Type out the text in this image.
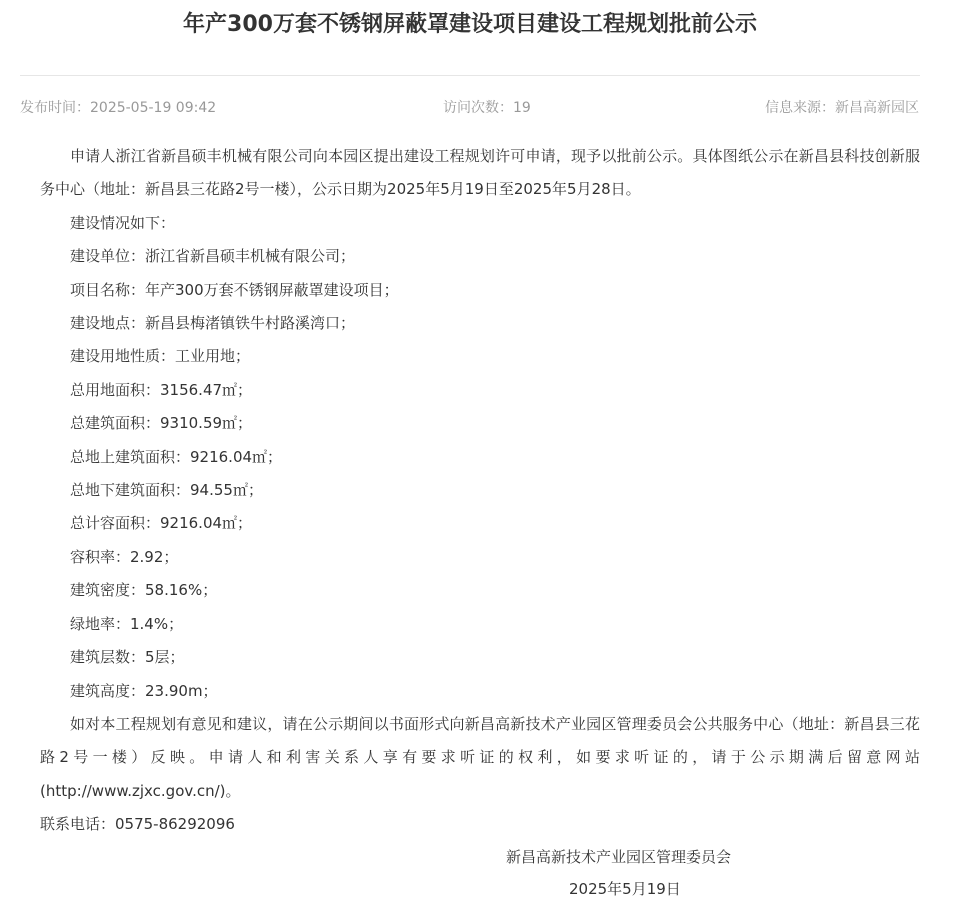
年产300万套不锈钢屏蔽罩建设项目建设工程规划批前公示
发布时间：2025-05-19 09:42	访问次数：19	信息来源：新昌高新园区

申请人浙江省新昌硕丰机械有限公司向本园区提出建设工程规划许可申请，现予以批前公示。具体图纸公示在新昌县科技创新服务中心（地址：新昌县三花路2号一楼），公示日期为2025年5月19日至2025年5月28日。

建设情况如下：

建设单位：浙江省新昌硕丰机械有限公司；

项目名称：年产300万套不锈钢屏蔽罩建设项目；

建设地点：新昌县梅渚镇铁牛村路溪湾口；

建设用地性质：工业用地；

总用地面积：3156.47㎡；

总建筑面积：9310.59㎡；

总地上建筑面积：9216.04㎡；

总地下建筑面积：94.55㎡；

总计容面积：9216.04㎡；

容积率：2.92；

建筑密度：58.16%；

绿地率：1.4%；

建筑层数：5层；

建筑高度：23.90m；

如对本工程规划有意见和建议，请在公示期间以书面形式向新昌高新技术产业园区管理委员会公共服务中心（地址：新昌县三花路2号一楼）反映。申请人和利害关系人享有要求听证的权利，如要求听证的，请于公示期满后留意网站(http://www.zjxc.gov.cn/)。

联系电话：0575-86292096

新昌高新技术产业园区管理委员会
2025年5月19日
